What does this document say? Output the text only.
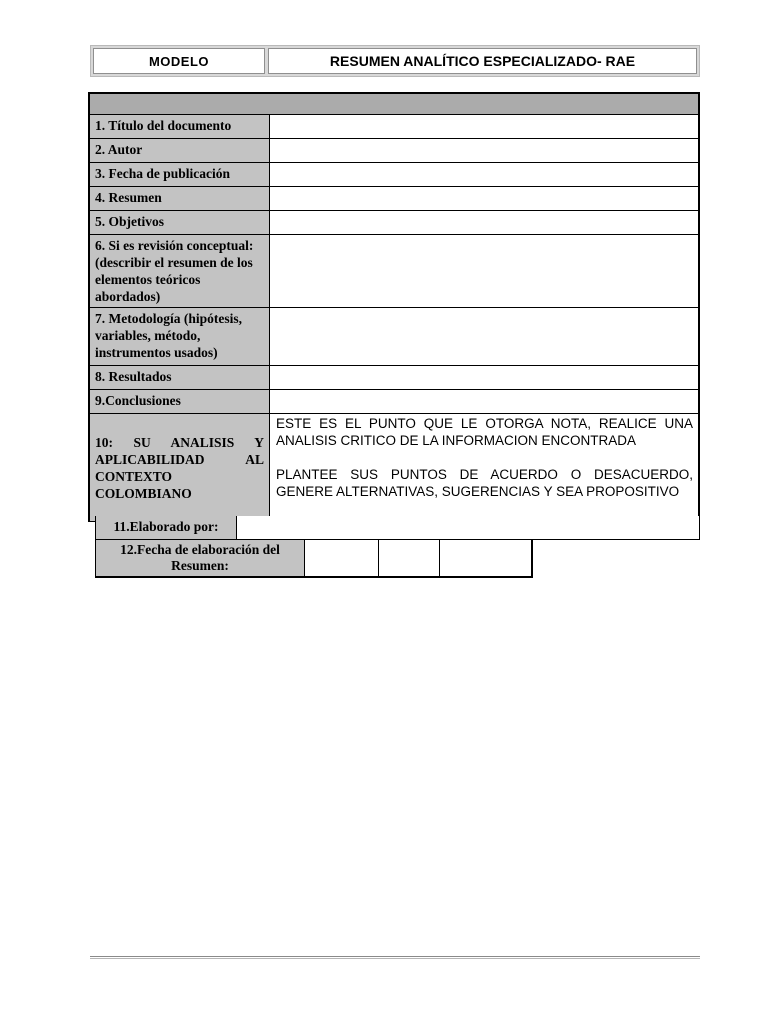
MODELO	RESUMEN ANALÍTICO ESPECIALIZADO- RAE
1. Título del documento
2. Autor
3. Fecha de publicación
4. Resumen
5. Objetivos
6. Si es revisión conceptual: (describir el resumen de los elementos teóricos abordados)
7. Metodología (hipótesis, variables, método, instrumentos usados)
8. Resultados
9.Conclusiones
10: SU ANALISIS Y APLICABILIDAD AL CONTEXTO COLOMBIANO

ESTE ES EL PUNTO QUE LE OTORGA NOTA, REALICE UNA ANALISIS CRITICO DE LA INFORMACION ENCONTRADA

PLANTEE SUS PUNTOS DE ACUERDO O DESACUERDO, GENERE ALTERNATIVAS, SUGERENCIAS Y SEA PROPOSITIVO

11.Elaborado por:
12.Fecha de elaboración del Resumen:
